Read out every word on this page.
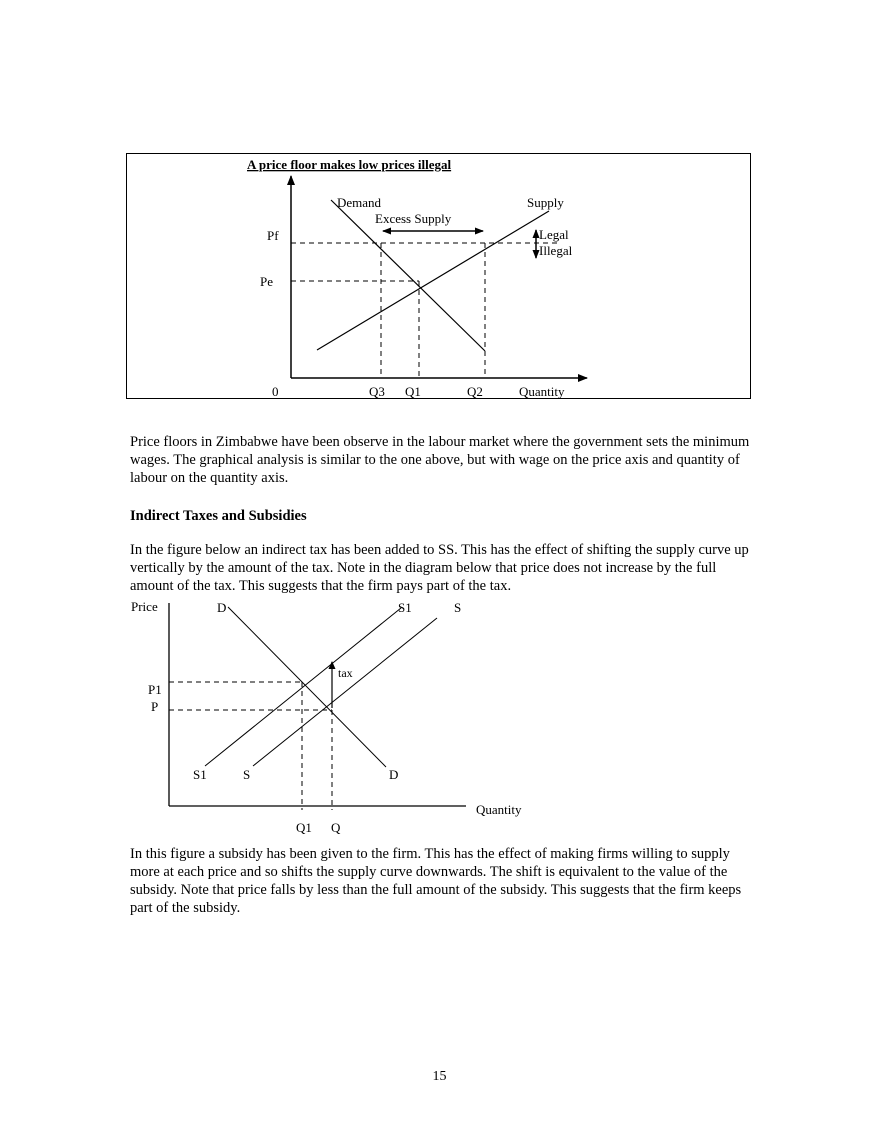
A price floor makes low prices illegal
Demand	Supply
Excess Supply
Legal
Illegal
Pf
Pe
0	Q3 Q1	Q2	Quantity

Price floors in Zimbabwe have been observe in the labour market where the government sets the minimum wages. The graphical analysis is similar to the one above, but with wage on the price axis and quantity of labour on the quantity axis.

Indirect Taxes and Subsidies

In the figure below an indirect tax has been added to SS. This has the effect of shifting the supply curve up vertically by the amount of the tax. Note in the diagram below that price does not increase by the full amount of the tax. This suggests that the firm pays part of the tax.

Price	D	S1	S
tax
P1
P
S1	S	D
Quantity
Q1 Q

In this figure a subsidy has been given to the firm. This has the effect of making firms willing to supply more at each price and so shifts the supply curve downwards. The shift is equivalent to the value of the subsidy. Note that price falls by less than the full amount of the subsidy. This suggests that the firm keeps part of the subsidy.

15
